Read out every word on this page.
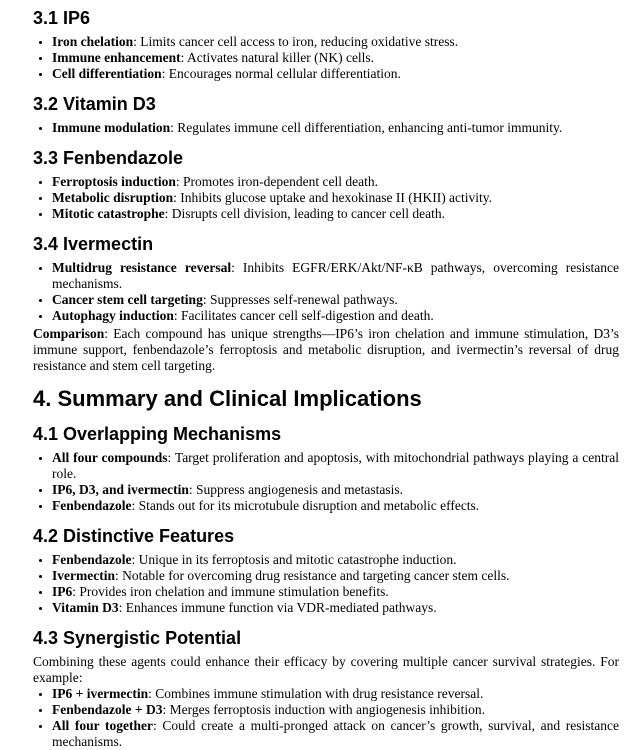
3.1 IP6
• Iron chelation: Limits cancer cell access to iron, reducing oxidative stress.
• Immune enhancement: Activates natural killer (NK) cells.
• Cell differentiation: Encourages normal cellular differentiation.
3.2 Vitamin D3
• Immune modulation: Regulates immune cell differentiation, enhancing anti-tumor immunity.
3.3 Fenbendazole
• Ferroptosis induction: Promotes iron-dependent cell death.
• Metabolic disruption: Inhibits glucose uptake and hexokinase II (HKII) activity.
• Mitotic catastrophe: Disrupts cell division, leading to cancer cell death.
3.4 Ivermectin
• Multidrug resistance reversal: Inhibits EGFR/ERK/Akt/NF-κB pathways, overcoming resistance mechanisms.
• Cancer stem cell targeting: Suppresses self-renewal pathways.
• Autophagy induction: Facilitates cancer cell self-digestion and death.

Comparison: Each compound has unique strengths—IP6’s iron chelation and immune stimulation, D3’s immune support, fenbendazole’s ferroptosis and metabolic disruption, and ivermectin’s reversal of drug resistance and stem cell targeting.

4. Summary and Clinical Implications
4.1 Overlapping Mechanisms
• All four compounds: Target proliferation and apoptosis, with mitochondrial pathways playing a central role.
• IP6, D3, and ivermectin: Suppress angiogenesis and metastasis.
• Fenbendazole: Stands out for its microtubule disruption and metabolic effects.
4.2 Distinctive Features
• Fenbendazole: Unique in its ferroptosis and mitotic catastrophe induction.
• Ivermectin: Notable for overcoming drug resistance and targeting cancer stem cells.
• IP6: Provides iron chelation and immune stimulation benefits.
• Vitamin D3: Enhances immune function via VDR-mediated pathways.
4.3 Synergistic Potential

Combining these agents could enhance their efficacy by covering multiple cancer survival strategies. For example:

• IP6 + ivermectin: Combines immune stimulation with drug resistance reversal.
• Fenbendazole + D3: Merges ferroptosis induction with angiogenesis inhibition.
• All four together: Could create a multi-pronged attack on cancer’s growth, survival, and resistance mechanisms.
